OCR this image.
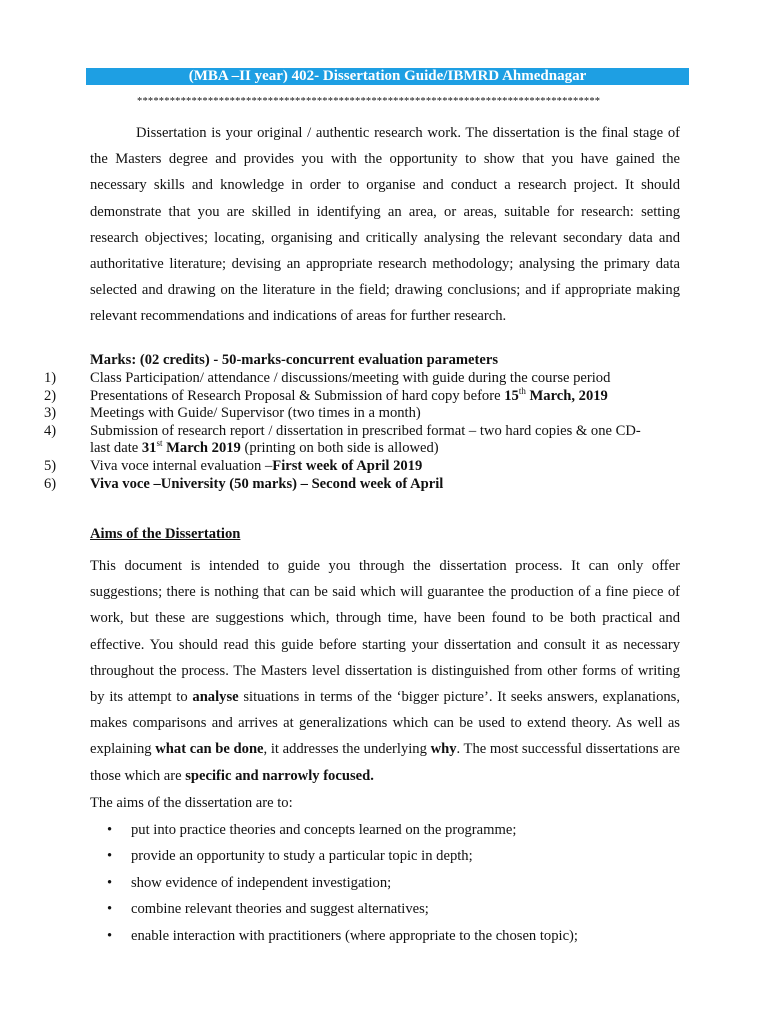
(MBA –II year) 402- Dissertation Guide/IBMRD Ahmednagar
*************************************************************************************
Dissertation is your original / authentic research work. The dissertation is the final stage of the Masters degree and provides you with the opportunity to show that you have gained the necessary skills and knowledge in order to organise and conduct a research project. It should demonstrate that you are skilled in identifying an area, or areas, suitable for research: setting research objectives; locating, organising and critically analysing the relevant secondary data and authoritative literature; devising an appropriate research methodology; analysing the primary data selected and drawing on the literature in the field; drawing conclusions; and if appropriate making relevant recommendations and indications of areas for further research.
Marks: (02 credits) - 50-marks-concurrent evaluation parameters
1)	Class Participation/ attendance / discussions/meeting with guide during the course period
2)	Presentations of Research Proposal & Submission of hard copy before 15th March, 2019
3)	Meetings with Guide/ Supervisor (two times in a month)
4)	Submission of research report / dissertation in prescribed format – two hard copies & one CD- last date 31st March 2019 (printing on both side is allowed)
5)	Viva voce internal evaluation –First week of April 2019
6)	Viva voce –University (50 marks) – Second week of April
Aims of the Dissertation
This document is intended to guide you through the dissertation process. It can only offer suggestions; there is nothing that can be said which will guarantee the production of a fine piece of work, but these are suggestions which, through time, have been found to be both practical and effective. You should read this guide before starting your dissertation and consult it as necessary throughout the process. The Masters level dissertation is distinguished from other forms of writing by its attempt to analyse situations in terms of the ‘bigger picture’. It seeks answers, explanations, makes comparisons and arrives at generalizations which can be used to extend theory. As well as explaining what can be done, it addresses the underlying why. The most successful dissertations are those which are specific and narrowly focused.
The aims of the dissertation are to:
• put into practice theories and concepts learned on the programme;
• provide an opportunity to study a particular topic in depth;
• show evidence of independent investigation;
• combine relevant theories and suggest alternatives;
• enable interaction with practitioners (where appropriate to the chosen topic);
